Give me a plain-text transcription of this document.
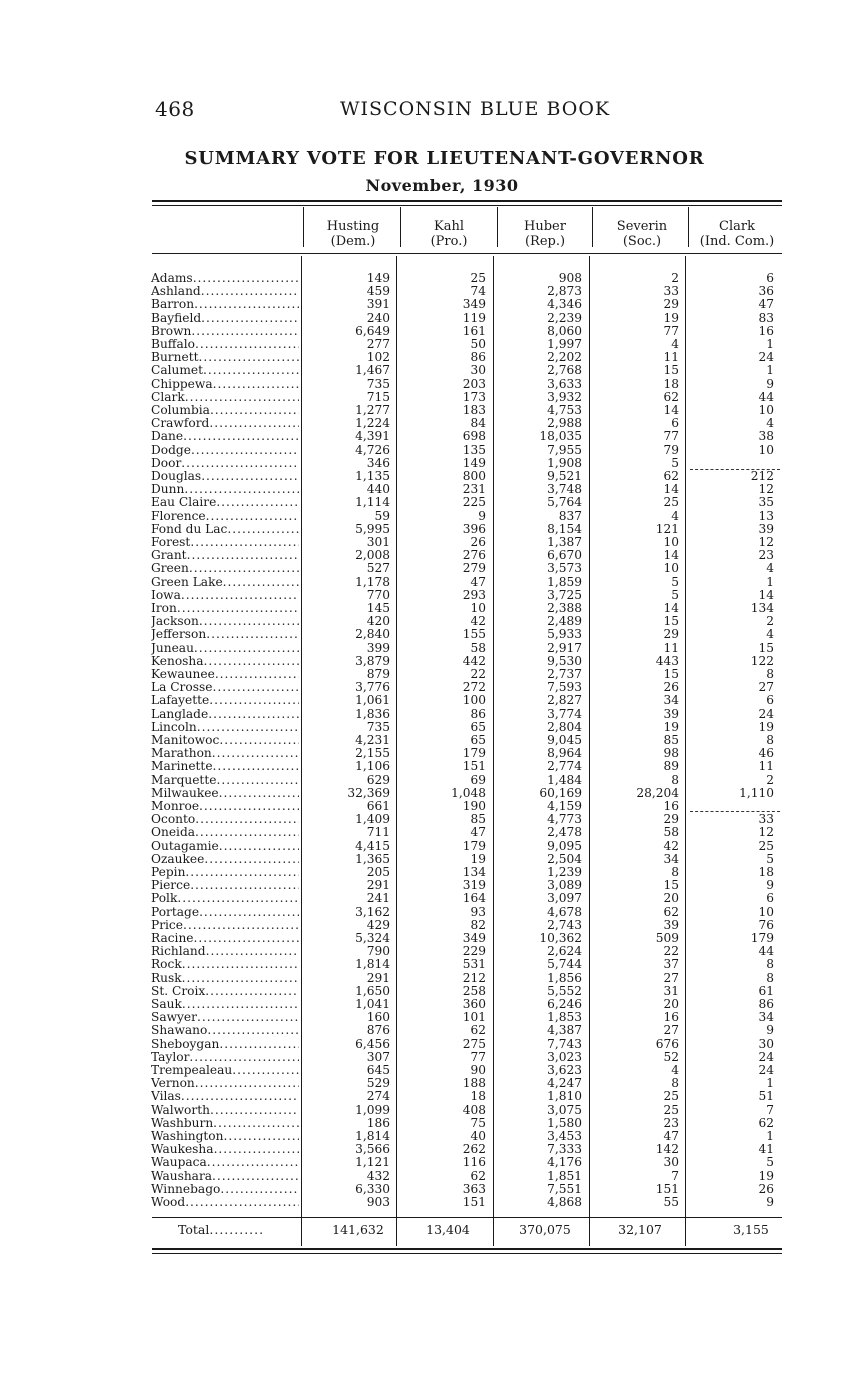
468	WISCONSIN BLUE BOOK
SUMMARY VOTE FOR LIEUTENANT-GOVERNOR
November, 1930
Husting
(Dem.)
Kahl
(Pro.)
Huber
(Rep.)
Severin
(Soc.)
Clark
(Ind. Com.)
Adams .....	149	25	908	2	6
Ashland .....	459	74	2,873	33	36
Barron .....	391	349	4,346	29	47
Bayfield .....	240	119	2,239	19	83
Brown .....	6,649	161	8,060	77	16
Buffalo .....	277	50	1,997	4	1
Burnett .....	102	86	2,202	11	24
Calumet .....	1,467	30	2,768	15	1
Chippewa .....	735	203	3,633	18	9
Clark .....	715	173	3,932	62	44
Columbia .....	1,277	183	4,753	14	10
Crawford .....	1,224	84	2,988	6	4
Dane .....	4,391	698	18,035	77	38
Dodge .....	4,726	135	7,955	79	10
Door .....	346	149	1,908	5
Douglas .....	1,135	800	9,521	62	212
Dunn .....	440	231	3,748	14	12
Eau Claire .....	1,114	225	5,764	25	35
Florence .....	59	9	837	4	13
Fond du Lac .....	5,995	396	8,154	121	39
Forest .....	301	26	1,387	10	12
Grant .....	2,008	276	6,670	14	23
Green .....	527	279	3,573	10	4
Green Lake .....	1,178	47	1,859	5	1
Iowa .....	770	293	3,725	5	14
Iron .....	145	10	2,388	14	134
Jackson .....	420	42	2,489	15	2
Jefferson .....	2,840	155	5,933	29	4
Juneau .....	399	58	2,917	11	15
Kenosha .....	3,879	442	9,530	443	122
Kewaunee .....	879	22	2,737	15	8
La Crosse .....	3,776	272	7,593	26	27
Lafayette .....	1,061	100	2,827	34	6
Langlade .....	1,836	86	3,774	39	24
Lincoln .....	735	65	2,804	19	19
Manitowoc .....	4,231	65	9,045	85	8
Marathon .....	2,155	179	8,964	98	46
Marinette .....	1,106	151	2,774	89	11
Marquette .....	629	69	1,484	8	2
Milwaukee .....	32,369	1,048	60,169	28,204	1,110
Monroe .....	661	190	4,159	16
Oconto .....	1,409	85	4,773	29	33
Oneida .....	711	47	2,478	58	12
Outagamie .....	4,415	179	9,095	42	25
Ozaukee .....	1,365	19	2,504	34	5
Pepin .....	205	134	1,239	8	18
Pierce .....	291	319	3,089	15	9
Polk .....	241	164	3,097	20	6
Portage .....	3,162	93	4,678	62	10
Price .....	429	82	2,743	39	76
Racine .....	5,324	349	10,362	509	179
Richland .....	790	229	2,624	22	44
Rock .....	1,814	531	5,744	37	8
Rusk .....	291	212	1,856	27	8
St. Croix .....	1,650	258	5,552	31	61
Sauk .....	1,041	360	6,246	20	86
Sawyer .....	160	101	1,853	16	34
Shawano .....	876	62	4,387	27	9
Sheboygan .....	6,456	275	7,743	676	30
Taylor .....	307	77	3,023	52	24
Trempealeau .....	645	90	3,623	4	24
Vernon .....	529	188	4,247	8	1
Vilas .....	274	18	1,810	25	51
Walworth .....	1,099	408	3,075	25	7
Washburn .....	186	75	1,580	23	62
Washington .....	1,814	40	3,453	47	1
Waukesha .....	3,566	262	7,333	142	41
Waupaca .....	1,121	116	4,176	30	5
Waushara .....	432	62	1,851	7	19
Winnebago .....	6,330	363	7,551	151	26
Wood .....	903	151	4,868	55	9
Total .....	141,632	13,404	370,075	32,107	3,155
